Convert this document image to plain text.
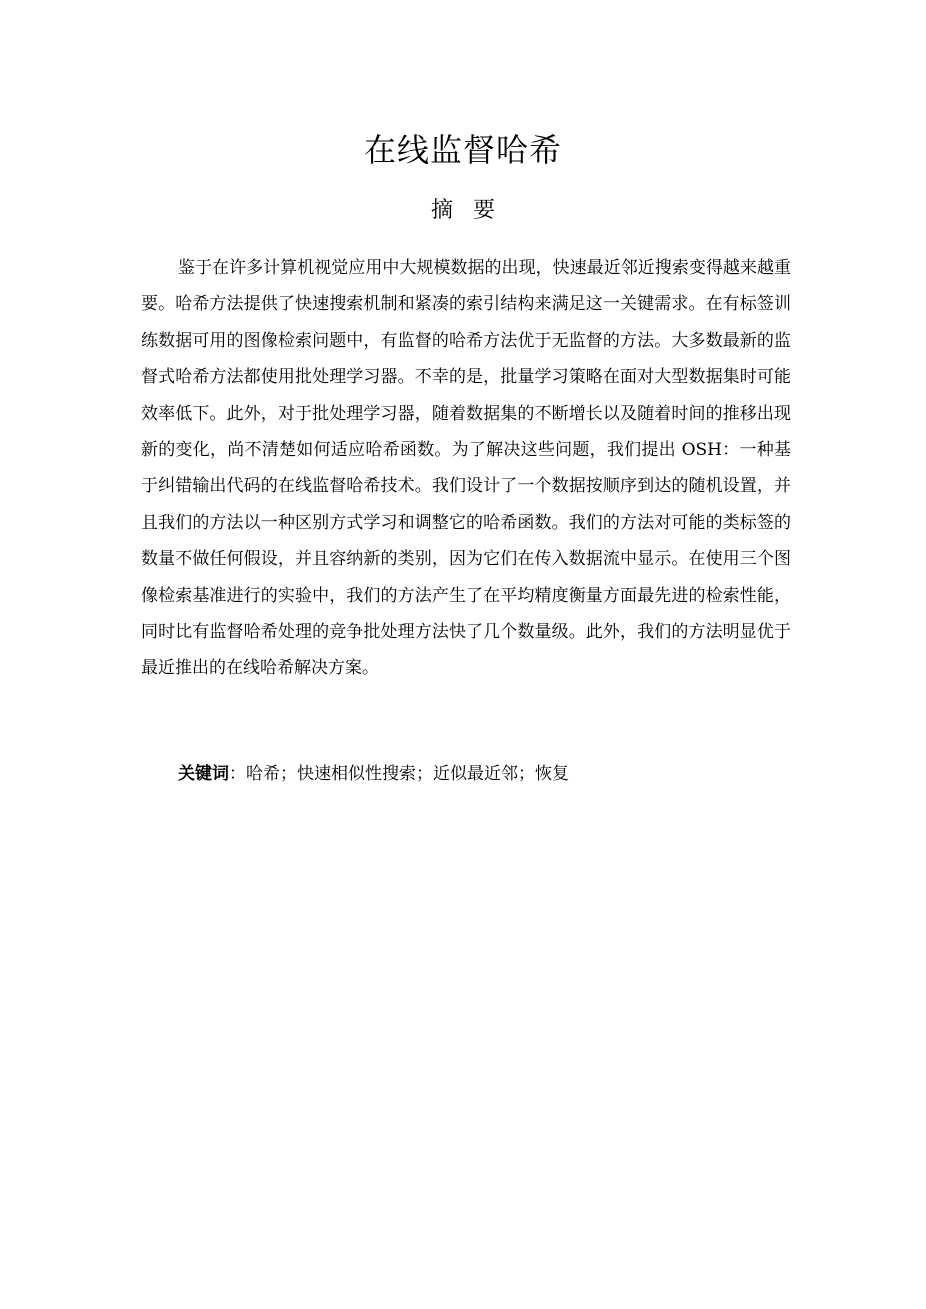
在线监督哈希
摘要

鉴于在许多计算机视觉应用中大规模数据的出现，快速最近邻近搜索变得越来越重要。哈希方法提供了快速搜索机制和紧凑的索引结构来满足这一关键需求。在有标签训练数据可用的图像检索问题中，有监督的哈希方法优于无监督的方法。大多数最新的监督式哈希方法都使用批处理学习器。不幸的是，批量学习策略在面对大型数据集时可能效率低下。此外，对于批处理学习器，随着数据集的不断增长以及随着时间的推移出现新的变化，尚不清楚如何适应哈希函数。为了解决这些问题，我们提出 OSH：一种基于纠错输出代码的在线监督哈希技术。我们设计了一个数据按顺序到达的随机设置，并且我们的方法以一种区别方式学习和调整它的哈希函数。我们的方法对可能的类标签的数量不做任何假设，并且容纳新的类别，因为它们在传入数据流中显示。在使用三个图像检索基准进行的实验中，我们的方法产生了在平均精度衡量方面最先进的检索性能，同时比有监督哈希处理的竞争批处理方法快了几个数量级。此外，我们的方法明显优于最近推出的在线哈希解决方案。

关键词：哈希；快速相似性搜索；近似最近邻；恢复
